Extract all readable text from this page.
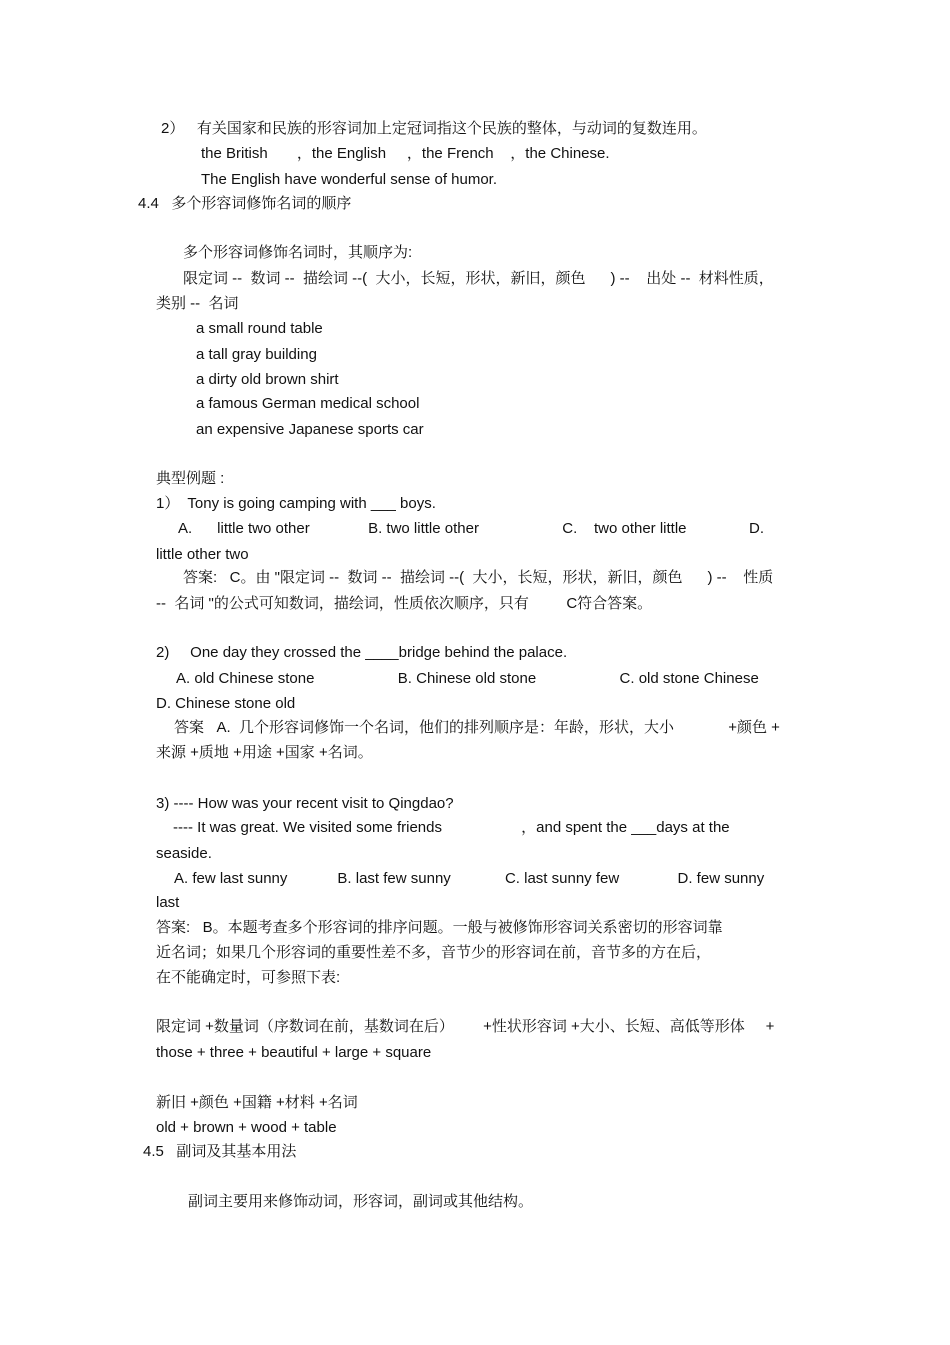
2）   有关国家和民族的形容词加上定冠词指这个民族的整体，与动词的复数连用。
the British       ，the English     ，the French    ，the Chinese.
The English have wonderful sense of humor.
4.4   多个形容词修饰名词的顺序
多个形容词修饰名词时，其顺序为:
限定词 --  数词 --  描绘词 --(  大小，长短，形状，新旧，颜色      ) --    出处 --  材料性质，
类别 --  名词
a small round table
a tall gray building
a dirty old brown shirt
a famous German medical school
an expensive Japanese sports car
典型例题 :
1）  Tony is going camping with ___ boys.
A.      little two other              B. two little other                    C.    two other little               D.
little other two
答案:   C。由 "限定词 --  数词 --  描绘词 --(  大小，长短，形状，新旧，颜色      ) --    性质
--  名词 "的公式可知数词，描绘词，性质依次顺序，只有         C符合答案。
2)     One day they crossed the ____bridge behind the palace.
A. old Chinese stone                    B. Chinese old stone                    C. old stone Chinese
D. Chinese stone old
答案   A.  几个形容词修饰一个名词，他们的排列顺序是：年龄，形状，大小             +颜色 +
来源 +质地 +用途 +国家 +名词。
3) ---- How was your recent visit to Qingdao?
---- It was great. We visited some friends                   ，and spent the ___days at the
seaside.
A. few last sunny            B. last few sunny             C. last sunny few              D. few sunny
last
答案:   B。本题考查多个形容词的排序问题。一般与被修饰形容词关系密切的形容词靠
近名词；如果几个形容词的重要性差不多，音节少的形容词在前，音节多的方在后，
在不能确定时，可参照下表:
限定词 +数量词（序数词在前，基数词在后）       +性状形容词 +大小、长短、高低等形体     +
those + three + beautiful + large + square
新旧 +颜色 +国籍 +材料 +名词
old + brown + wood + table
4.5   副词及其基本用法
副词主要用来修饰动词，形容词，副词或其他结构。
